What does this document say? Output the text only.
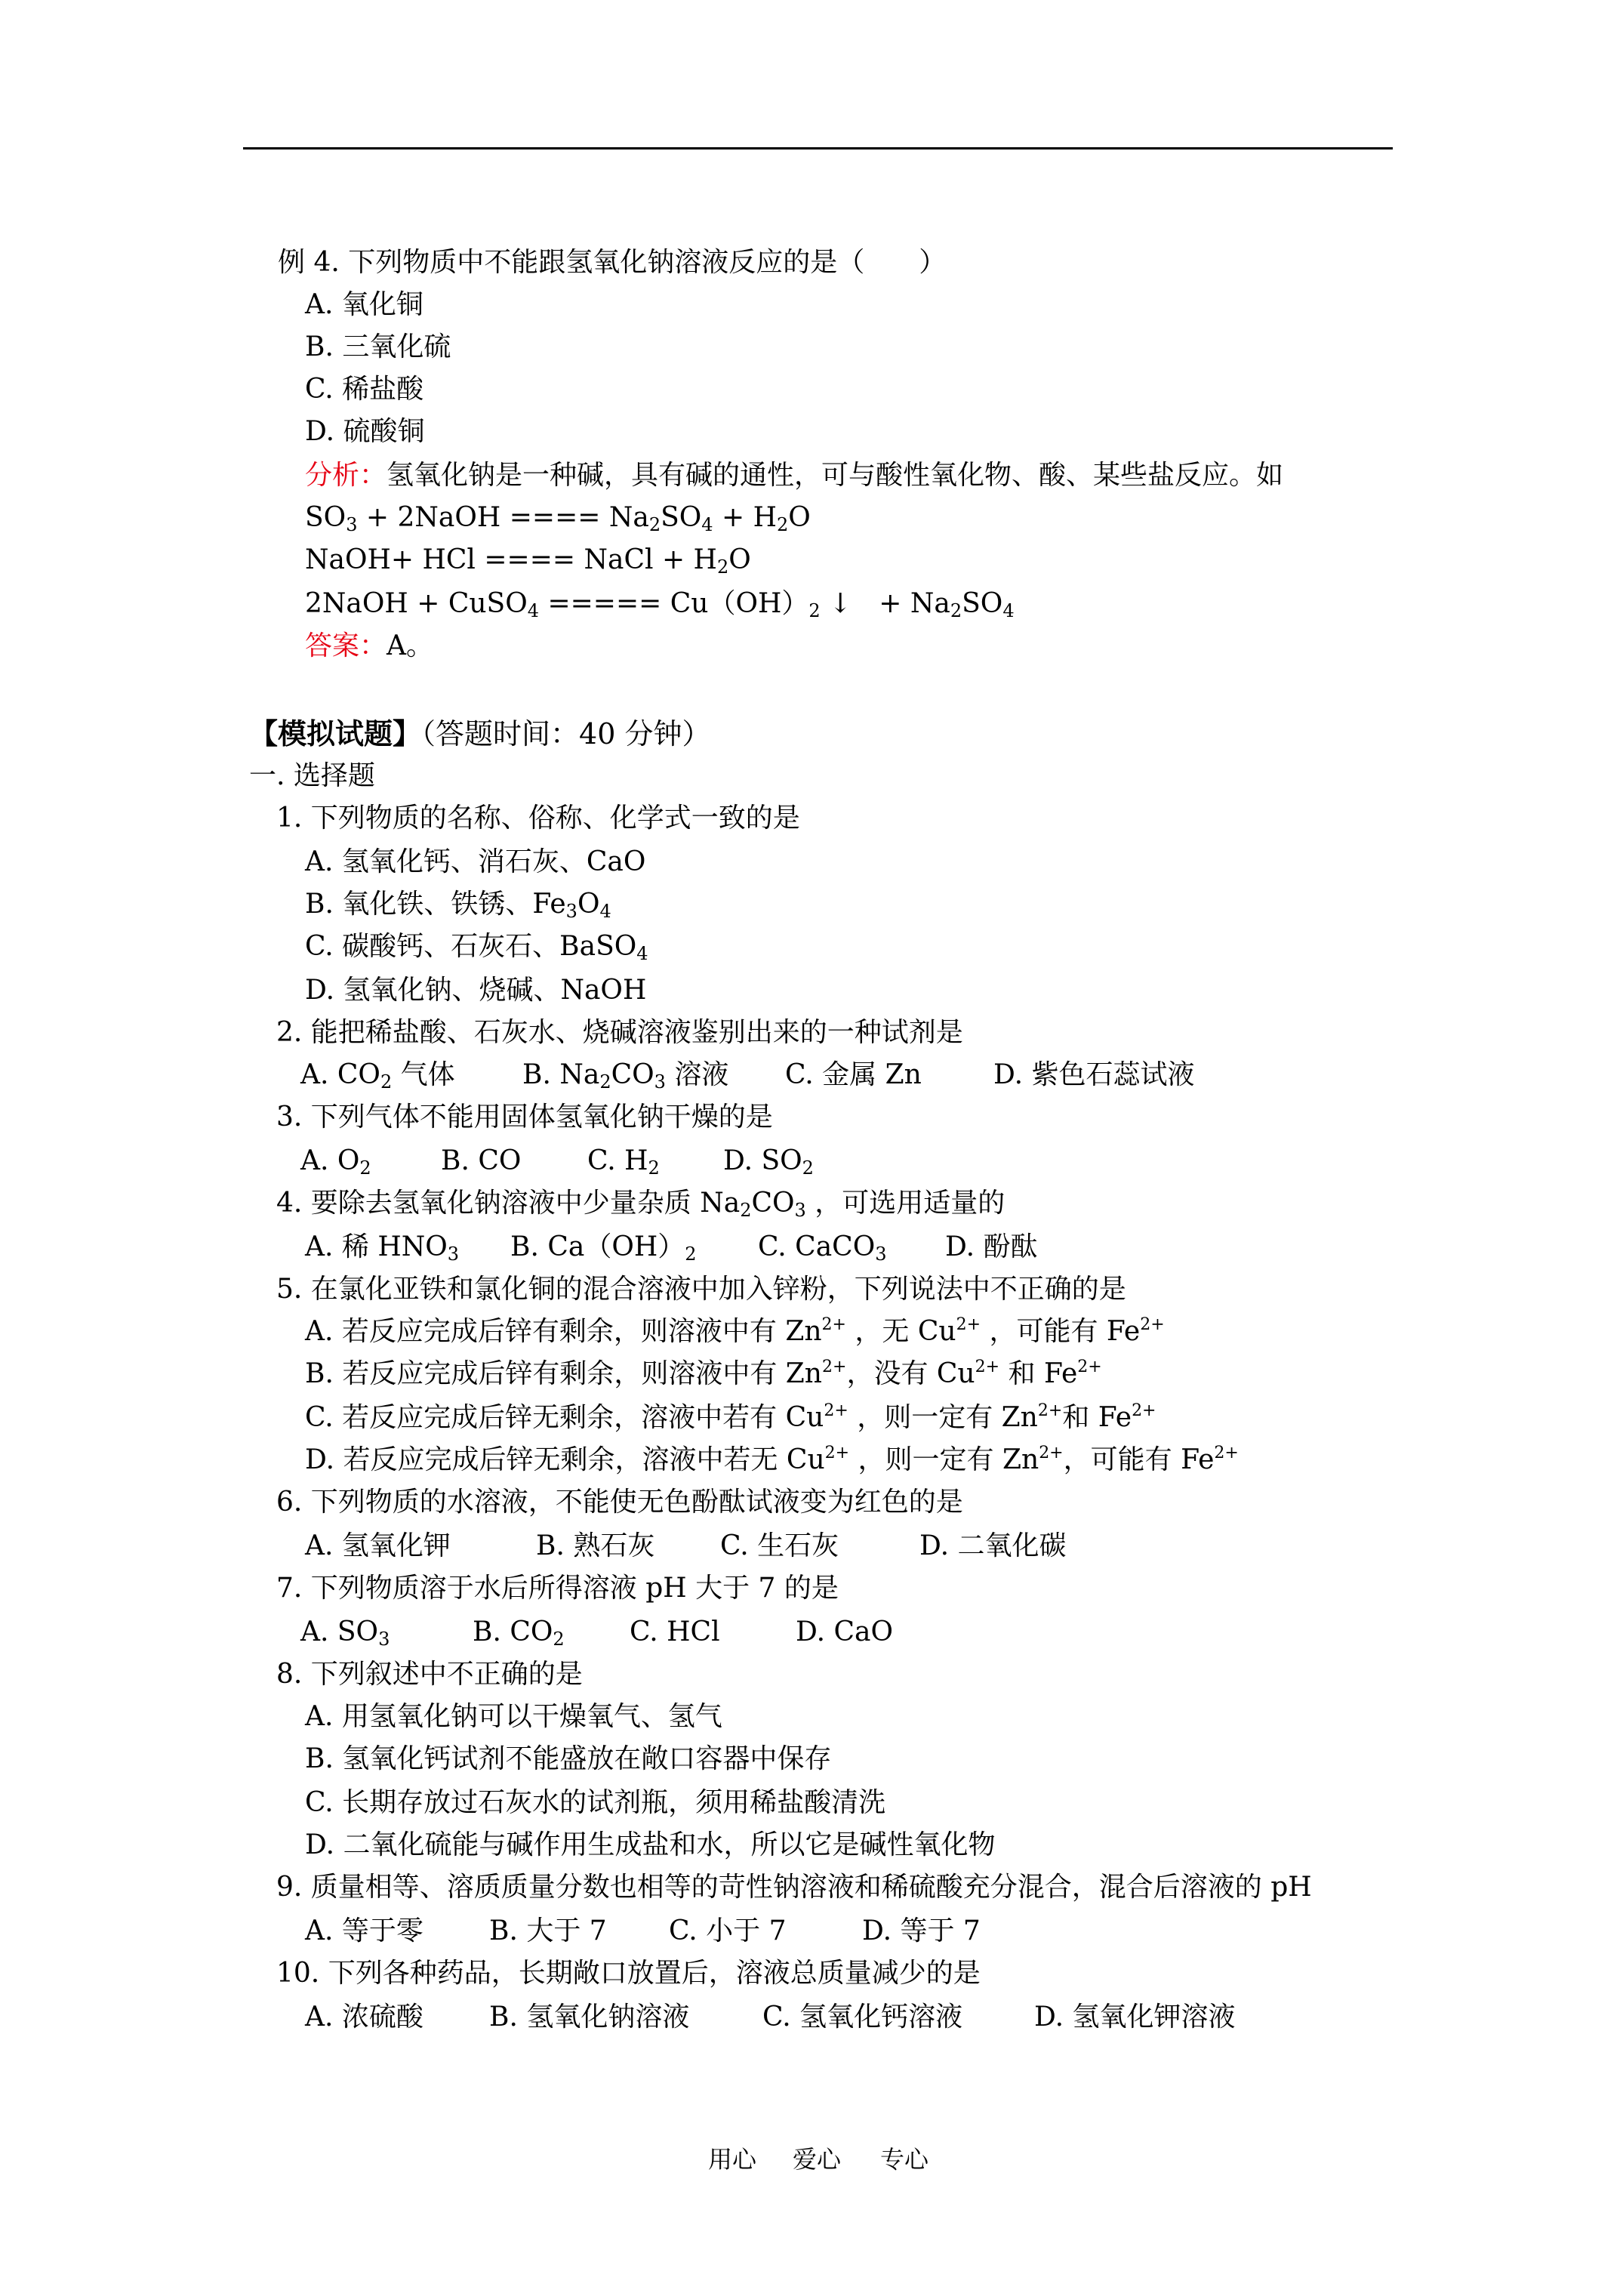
例 4. 下列物质中不能跟氢氧化钠溶液反应的是（　　）
A. 氧化铜
B. 三氧化硫
C. 稀盐酸
D. 硫酸铜
分析：氢氧化钠是一种碱，具有碱的通性，可与酸性氧化物、酸、某些盐反应。如
$SO_3$ + 2NaOH ==== $Na_2SO_4 + H_2O$
NaOH+ HCl ==== NaCl + $H_2O$
2NaOH + CuSO$_4$ ===== $Cu(OH)_2$ ↓　+ $Na_2SO_4$
答案：A。
【模拟试题】（答题时间：40 分钟）
一. 选择题
1. 下列物质的名称、俗称、化学式一致的是
A. 氢氧化钙、消石灰、CaO
B. 氧化铁、铁锈、$Fe_3O_4$
C. 碳酸钙、石灰石、BaSO$_4$
D. 氢氧化钠、烧碱、NaOH
2. 能把稀盐酸、石灰水、烧碱溶液鉴别出来的一种试剂是
A. $CO_2$ 气体 B. $Na_2CO_3$ 溶液 C. 金属 Zn	D. 紫色石蕊试液
3. 下列气体不能用固体氢氧化钠干燥的是
A. $O_2$	B. CO C. $H_2$ D. $SO_2$
4. 要除去氢氧化钠溶液中少量杂质 $Na_2CO_3$ ，可选用适量的
A. 稀 $HNO_3$ B. $Ca(OH)_2$ C. CaCO$_3$ D. 酚酞
5. 在氯化亚铁和氯化铜的混合溶液中加入锌粉，下列说法中不正确的是
A. 若反应完成后锌有剩余，则溶液中有 $Zn^{2+}$ ，无 $Cu^{2+}$ ，可能有 $Fe^{2+}$
B. 若反应完成后锌有剩余，则溶液中有 $Zn^{2+}$，没有 $Cu^{2+}$ 和 $Fe^{2+}$
C. 若反应完成后锌无剩余，溶液中若有 $Cu^{2+}$ ，则一定有 $Zn^{2+}$和 $Fe^{2+}$
D. 若反应完成后锌无剩余，溶液中若无 $Cu^{2+}$ ，则一定有 $Zn^{2+}$，可能有 $Fe^{2+}$
6. 下列物质的水溶液，不能使无色酚酞试液变为红色的是
A. 氢氧化钾	B. 熟石灰 C. 生石灰	D. 二氧化碳
7. 下列物质溶于水后所得溶液 pH 大于 7 的是
A. $SO_3$	B. $CO_2$ C. HCl	D. CaO
8. 下列叙述中不正确的是
A. 用氢氧化钠可以干燥氧气、氢气
B. 氢氧化钙试剂不能盛放在敞口容器中保存
C. 长期存放过石灰水的试剂瓶，须用稀盐酸清洗
D. 二氧化硫能与碱作用生成盐和水，所以它是碱性氧化物
9. 质量相等、溶质质量分数也相等的苛性钠溶液和稀硫酸充分混合，混合后溶液的 pH
A. 等于零 B. 大于 7 C. 小于 7	D. 等于 7
10. 下列各种药品，长期敞口放置后，溶液总质量减少的是
A. 浓硫酸 B. 氢氧化钠溶液	C. 氢氧化钙溶液	D. 氢氧化钾溶液
用心 爱心 专心
